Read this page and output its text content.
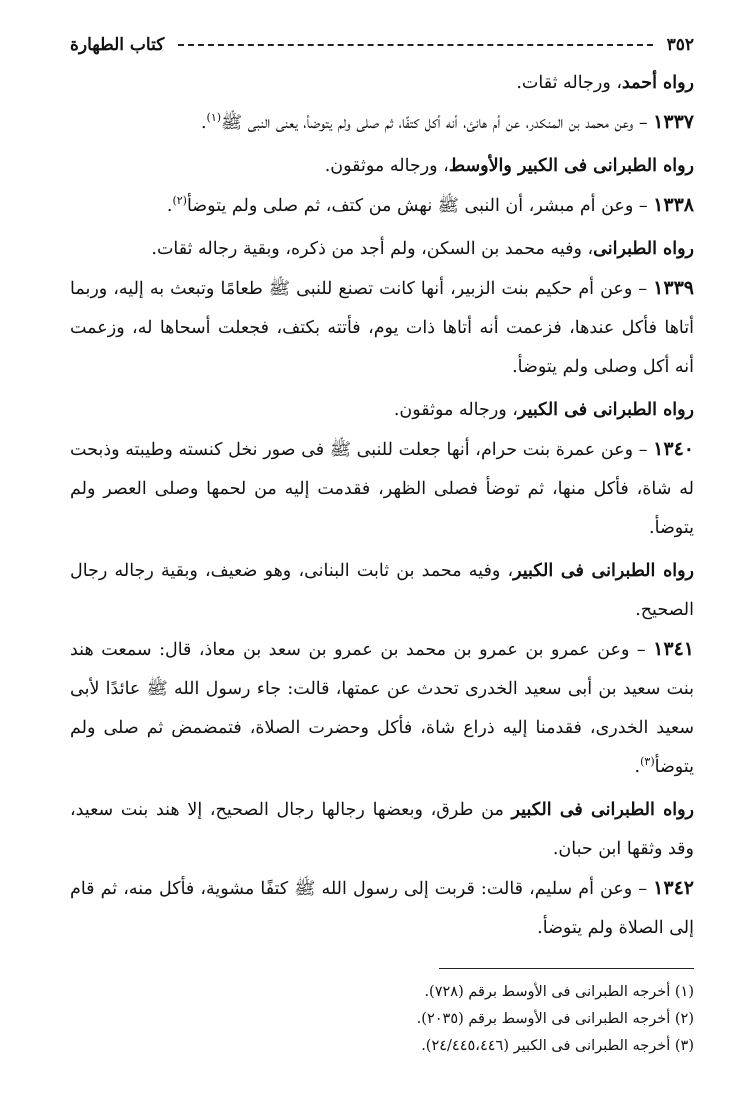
٣٥٢
كتاب الطهارة

رواه أحمد، ورجاله ثقات.

١٣٣٧ – وعن محمد بن المنكدر، عن أم هانئ، أنه أكل كتفًا، ثم صلى ولم يتوضأ، يعنى النبى ﷺ$^{(١)}$.

رواه الطبرانى فى الكبير والأوسط، ورجاله موثقون.

١٣٣٨ – وعن أم مبشر، أن النبى ﷺ نهش من كتف، ثم صلى ولم يتوضأ$^{(٢)}$.

رواه الطبرانى، وفيه محمد بن السكن، ولم أجد من ذكره، وبقية رجاله ثقات.

١٣٣٩ – وعن أم حكيم بنت الزبير، أنها كانت تصنع للنبى ﷺ طعامًا وتبعث به إليه، وربما أتاها فأكل عندها، فزعمت أنه أتاها ذات يوم، فأتته بكتف، فجعلت أسحاها له، وزعمت أنه أكل وصلى ولم يتوضأ.

رواه الطبرانى فى الكبير، ورجاله موثقون.

١٣٤٠ – وعن عمرة بنت حرام، أنها جعلت للنبى ﷺ فى صور نخل كنسته وطيبته وذبحت له شاة، فأكل منها، ثم توضأ فصلى الظهر، فقدمت إليه من لحمها وصلى العصر ولم يتوضأ.

رواه الطبرانى فى الكبير، وفيه محمد بن ثابت البنانى، وهو ضعيف، وبقية رجاله رجال الصحيح.

١٣٤١ – وعن عمرو بن عمرو بن محمد بن عمرو بن سعد بن معاذ، قال: سمعت هند بنت سعيد بن أبى سعيد الخدرى تحدث عن عمتها، قالت: جاء رسول الله ﷺ عائدًا لأبى سعيد الخدرى، فقدمنا إليه ذراع شاة، فأكل وحضرت الصلاة، فتمضمض ثم صلى ولم يتوضأ$^{(٣)}$.

رواه الطبرانى فى الكبير من طرق، وبعضها رجالها رجال الصحيح، إلا هند بنت سعيد، وقد وثقها ابن حبان.

١٣٤٢ – وعن أم سليم، قالت: قربت إلى رسول الله ﷺ كتفًا مشوية، فأكل منه، ثم قام إلى الصلاة ولم يتوضأ.

(١) أخرجه الطبرانى فى الأوسط برقم (٧٢٨).
(٢) أخرجه الطبرانى فى الأوسط برقم (٢٠٣٥).
(٣) أخرجه الطبرانى فى الكبير (٢٤/٤٤٥،٤٤٦).
